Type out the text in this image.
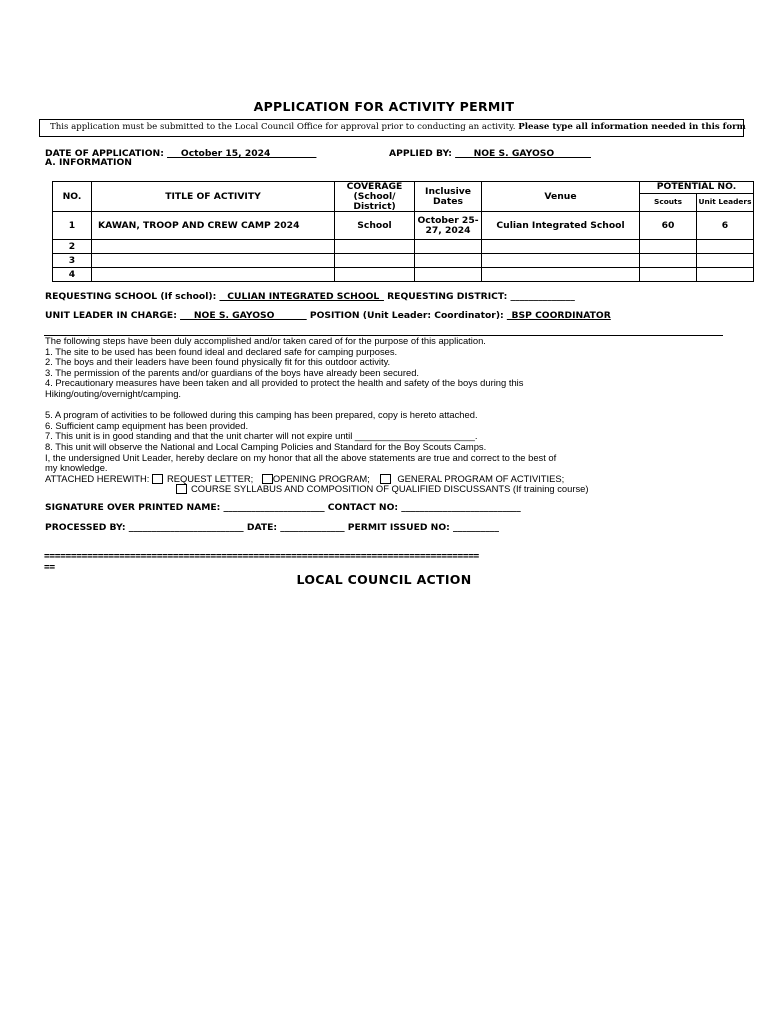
APPLICATION FOR ACTIVITY PERMIT
This application must be submitted to the Local Council Office for approval prior to conducting an activity. Please type all information needed in this form
DATE OF APPLICATION: ___October 15, 2024__________	APPLIED BY: ____NOE S. GAYOSO________
A. INFORMATION
NO.	TITLE OF ACTIVITY	COVERAGE (School/ District)	Inclusive Dates	Venue	POTENTIAL NO.	
					Scouts	Unit Leaders
1	KAWAN, TROOP AND CREW CAMP 2024	School	October 25-27, 2024	Culian Integrated School	60	6
2						
3						
4						
REQUESTING SCHOOL (If school): _ CULIAN INTEGRATED SCHOOL_ REQUESTING DISTRICT: ______________
UNIT LEADER IN CHARGE: ___NOE S. GAYOSO_______ POSITION (Unit Leader: Coordinator): _BSP COORDINATOR
The following steps have been duly accomplished and/or taken cared of for the purpose of this application.
1. The site to be used has been found ideal and declared safe for camping purposes.
2. The boys and their leaders have been found physically fit for this outdoor activity.
3. The permission of the parents and/or guardians of the boys have already been secured.
4. Precautionary measures have been taken and all provided to protect the health and safety of the boys during this
Hiking/outing/overnight/camping.
5. A program of activities to be followed during this camping has been prepared, copy is hereto attached.
6. Sufficient camp equipment has been provided.
7. This unit is in good standing and that the unit charter will not expire until _______________________.
8. This unit will observe the National and Local Camping Policies and Standard for the Boy Scouts Camps.
I, the undersigned Unit Leader, hereby declare on my honor that all the above statements are true and correct to the best of
my knowledge.
ATTACHED HEREWITH: REQUEST LETTER; OPENING PROGRAM;	GENERAL PROGRAM OF ACTIVITIES;
COURSE SYLLABUS AND COMPOSITION OF QUALIFIED DISCUSSANTS (If training course)
SIGNATURE OVER PRINTED NAME: ______________________ CONTACT NO: __________________________
PROCESSED BY: _________________________ DATE: ______________ PERMIT ISSUED NO: __________
=================================================================================
==
LOCAL COUNCIL ACTION
